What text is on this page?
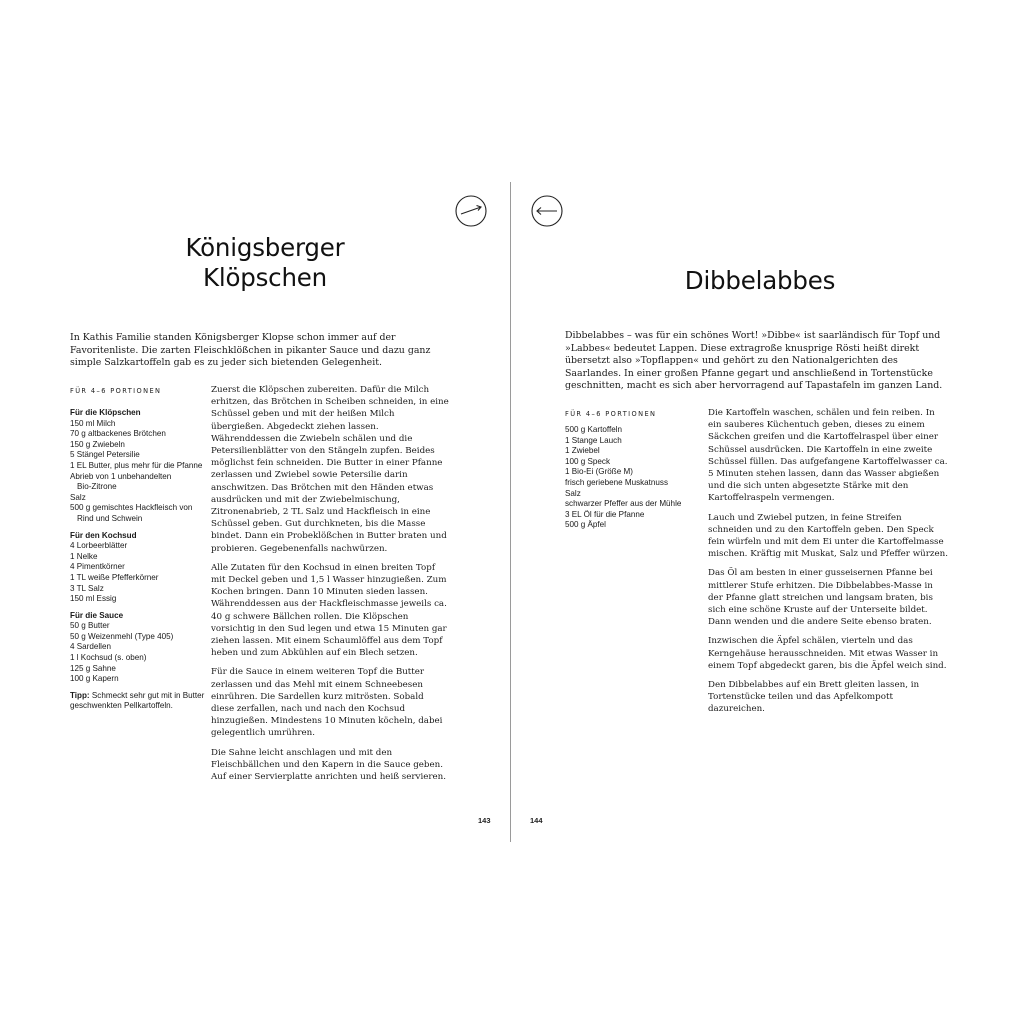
Königsberger
Klöpschen

In Kathis Familie standen Königsberger Klopse schon immer auf der Favoritenliste. Die zarten Fleischklößchen in pikanter Sauce und dazu ganz simple Salzkartoffeln gab es zu jeder sich bietenden Gelegenheit.

FÜR 4–6 PORTIONEN

Für die Klöpschen

150 ml Milch

70 g altbackenes Brötchen

150 g Zwiebeln

5 Stängel Petersilie

1 EL Butter, plus mehr für die Pfanne

Abrieb von 1 unbehandelten

Bio-Zitrone

Salz

500 g gemischtes Hackfleisch von

Rind und Schwein

Für den Kochsud

4 Lorbeerblätter

1 Nelke

4 Pimentkörner

1 TL weiße Pfefferkörner

3 TL Salz

150 ml Essig

Für die Sauce

50 g Butter

50 g Weizenmehl (Type 405)

4 Sardellen

1 l Kochsud (s. oben)

125 g Sahne

100 g Kapern

Tipp: Schmeckt sehr gut mit in Butter geschwenkten Pellkartoffeln.

Zuerst die Klöpschen zubereiten. Dafür die Milch erhitzen, das Brötchen in Scheiben schneiden, in eine Schüssel geben und mit der heißen Milch übergießen. Abgedeckt ziehen lassen. Währenddessen die Zwiebeln schälen und die Petersilienblätter von den Stängeln zupfen. Beides möglichst fein schneiden. Die Butter in einer Pfanne zerlassen und Zwiebel sowie Petersilie darin anschwitzen. Das Brötchen mit den Händen etwas ausdrücken und mit der Zwiebelmischung, Zitronenabrieb, 2 TL Salz und Hackfleisch in eine Schüssel geben. Gut durchkneten, bis die Masse bindet. Dann ein Probeklößchen in Butter braten und probieren. Gegebenenfalls nachwürzen.

Alle Zutaten für den Kochsud in einen breiten Topf mit Deckel geben und 1,5 l Wasser hinzugießen. Zum Kochen bringen. Dann 10 Minuten sieden lassen. Währenddessen aus der Hackfleischmasse jeweils ca. 40 g schwere Bällchen rollen. Die Klöpschen vorsichtig in den Sud legen und etwa 15 Minuten gar ziehen lassen. Mit einem Schaumlöffel aus dem Topf heben und zum Abkühlen auf ein Blech setzen.

Für die Sauce in einem weiteren Topf die Butter zerlassen und das Mehl mit einem Schneebesen einrühren. Die Sardellen kurz mitrösten. Sobald diese zerfallen, nach und nach den Kochsud hinzugießen. Mindestens 10 Minuten köcheln, dabei gelegentlich umrühren.

Die Sahne leicht anschlagen und mit den Fleischbällchen und den Kapern in die Sauce geben. Auf einer Servierplatte anrichten und heiß servieren.

143

Dibbelabbes

Dibbelabbes – was für ein schönes Wort! »Dibbe« ist saarländisch für Topf und »Labbes« bedeutet Lappen. Diese extragroße knusprige Rösti heißt direkt übersetzt also »Topflappen« und gehört zu den Nationalgerichten des Saarlandes. In einer großen Pfanne gegart und anschließend in Tortenstücke geschnitten, macht es sich aber hervorragend auf Tapastafeln im ganzen Land.

FÜR 4–6 PORTIONEN

500 g Kartoffeln

1 Stange Lauch

1 Zwiebel

100 g Speck

1 Bio-Ei (Größe M)

frisch geriebene Muskatnuss

Salz

schwarzer Pfeffer aus der Mühle

3 EL Öl für die Pfanne

500 g Äpfel

Die Kartoffeln waschen, schälen und fein reiben. In ein sauberes Küchentuch geben, dieses zu einem Säckchen greifen und die Kartoffelraspel über einer Schüssel ausdrücken. Die Kartoffeln in eine zweite Schüssel füllen. Das aufgefangene Kartoffelwasser ca. 5 Minuten stehen lassen, dann das Wasser abgießen und die sich unten abgesetzte Stärke mit den Kartoffelraspeln vermengen.

Lauch und Zwiebel putzen, in feine Streifen schneiden und zu den Kartoffeln geben. Den Speck fein würfeln und mit dem Ei unter die Kartoffelmasse mischen. Kräftig mit Muskat, Salz und Pfeffer würzen.

Das Öl am besten in einer gusseisernen Pfanne bei mittlerer Stufe erhitzen. Die Dibbelabbes-Masse in der Pfanne glatt streichen und langsam braten, bis sich eine schöne Kruste auf der Unterseite bildet. Dann wenden und die andere Seite ebenso braten.

Inzwischen die Äpfel schälen, vierteln und das Kerngehäuse herausschneiden. Mit etwas Wasser in einem Topf abgedeckt garen, bis die Äpfel weich sind.

Den Dibbelabbes auf ein Brett gleiten lassen, in Tortenstücke teilen und das Apfelkompott dazureichen.

144
